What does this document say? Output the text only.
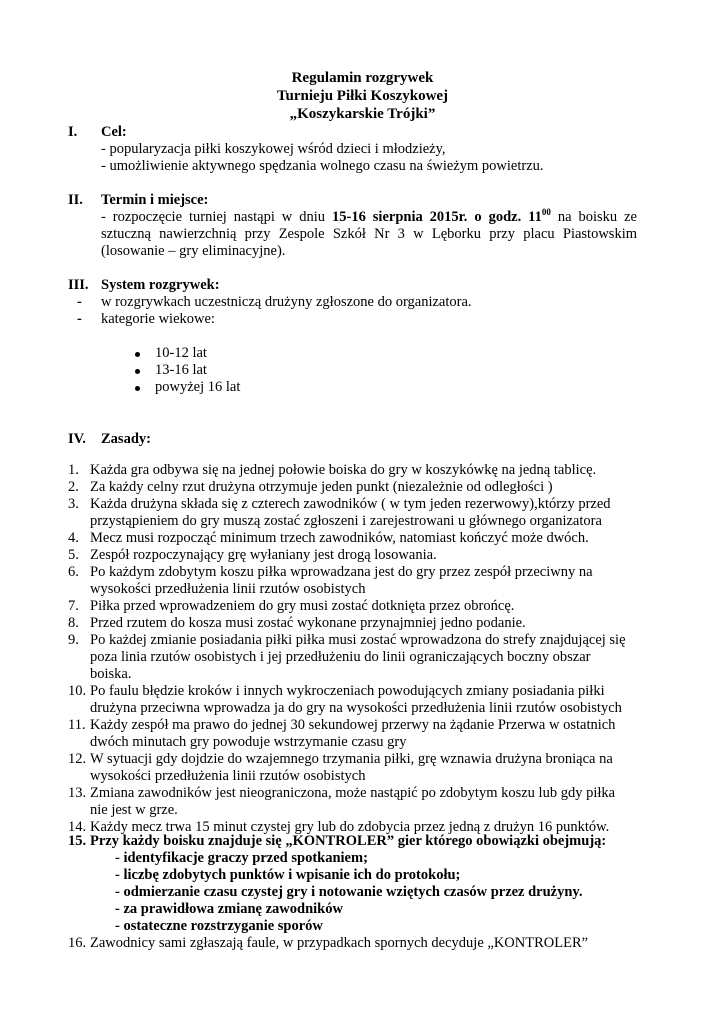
Regulamin rozgrywek
Turnieju Piłki Koszykowej
„Koszykarskie Trójki”
I. Cel:
- popularyzacja piłki koszykowej wśród dzieci i młodzieży,
- umożliwienie aktywnego spędzania wolnego czasu na świeżym powietrzu.
II. Termin i miejsce:
- rozpoczęcie turniej nastąpi w dniu 15-16 sierpnia 2015r. o godz. $11^{00}$ na boisku ze
sztuczną nawierzchnią przy Zespole Szkół Nr 3 w Lęborku przy placu Piastowskim
(losowanie – gry eliminacyjne).
III. System rozgrywek:
- w rozgrywkach uczestniczą drużyny zgłoszone do organizatora.
- kategorie wiekowe:
10-12 lat
13-16 lat
powyżej 16 lat
IV. Zasady:
1. Każda gra odbywa się na jednej połowie boiska do gry w koszykówkę na jedną tablicę.
2. Za każdy celny rzut drużyna otrzymuje jeden punkt (niezależnie od odległości )
3. Każda drużyna składa się z czterech zawodników ( w tym jeden rezerwowy),którzy przed
przystąpieniem do gry muszą zostać zgłoszeni i zarejestrowani u głównego organizatora
4. Mecz musi rozpocząć minimum trzech zawodników, natomiast kończyć może dwóch.
5. Zespół rozpoczynający grę wyłaniany jest drogą losowania.
6. Po każdym zdobytym koszu piłka wprowadzana jest do gry przez zespół przeciwny na
wysokości przedłużenia linii rzutów osobistych
7. Piłka przed wprowadzeniem do gry musi zostać dotknięta przez obrońcę.
8. Przed rzutem do kosza musi zostać wykonane przynajmniej jedno podanie.
9. Po każdej zmianie posiadania piłki piłka musi zostać wprowadzona do strefy znajdującej się
poza linia rzutów osobistych i jej przedłużeniu do linii ograniczających boczny obszar
boiska.
10. Po faulu błędzie kroków i innych wykroczeniach powodujących zmiany posiadania piłki
drużyna przeciwna wprowadza ja do gry na wysokości przedłużenia linii rzutów osobistych
11. Każdy zespół ma prawo do jednej 30 sekundowej przerwy na żądanie Przerwa w ostatnich
dwóch minutach gry powoduje wstrzymanie czasu gry
12. W sytuacji gdy dojdzie do wzajemnego trzymania piłki, grę wznawia drużyna broniąca na
wysokości przedłużenia linii rzutów osobistych
13. Zmiana zawodników jest nieograniczona, może nastąpić po zdobytym koszu lub gdy piłka
nie jest w grze.
14. Każdy mecz trwa 15 minut czystej gry lub do zdobycia przez jedną z drużyn 16 punktów.
15. Przy każdy boisku znajduje się „KONTROLER” gier którego obowiązki obejmują:
- identyfikacje graczy przed spotkaniem;
- liczbę zdobytych punktów i wpisanie ich do protokołu;
- odmierzanie czasu czystej gry i notowanie wziętych czasów przez drużyny.
- za prawidłowa zmianę zawodników
- ostateczne rozstrzyganie sporów
16. Zawodnicy sami zgłaszają faule, w przypadkach spornych decyduje „KONTROLER”
